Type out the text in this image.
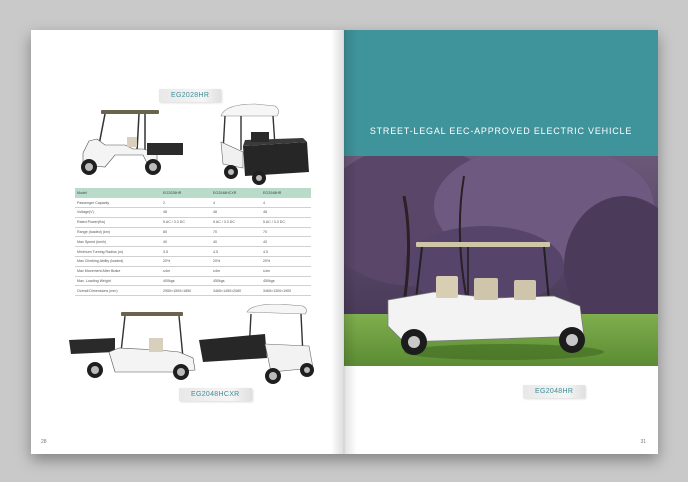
EG2028HR
Model	EG2028HR	EG2048HCXR	EG2048HR
Passenger Capacity	2	4	4
Voltage(V)	48	48	48
Rated Power(Kw)	5 AC / 3.3 DC	5 AC / 3.3 DC	5 AC / 3.3 DC
Range (loaded) (km)	80	70	70
Max Speed (km/h)	40	40	40
Minimum Turning Radius (m)	3.5	4.5	4.5
Max Climbing Ability (loaded)	20%	20%	20%
Max Movement After Brake	≤4m	≤4m	≤4m
Max. Loading Weight	400kgs	450kgs	450kgs
Overall Dimensions (mm)	2950×1500×1850	3465×1450×2080	3465×1300×1900
EG2048HCXR
28
STREET-LEGAL EEC-APPROVED ELECTRIC VEHICLE
EG2048HR
31
